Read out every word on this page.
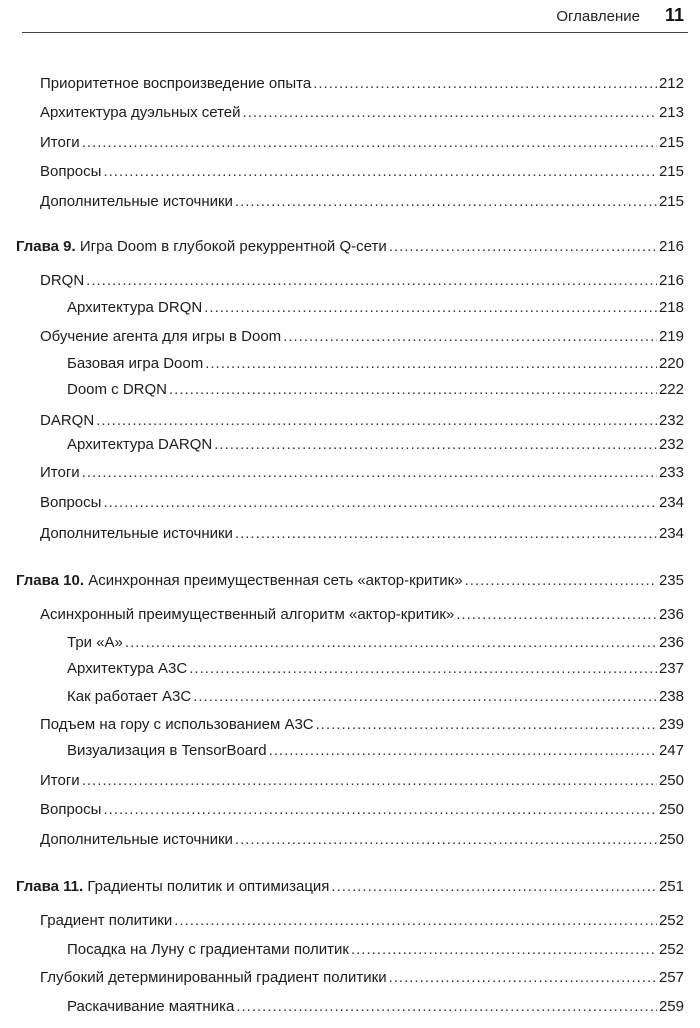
Оглавление 11
Приоритетное воспроизведение опыта .....	212
Архитектура дуэльных сетей .....	213
Итоги .....	215
Вопросы .....	215
Дополнительные источники .....	215
Глава 9. Игра Doom в глубокой рекуррентной Q-сети .....	216
DRQN .....	216
Архитектура DRQN .....	218
Обучение агента для игры в Doom .....	219
Базовая игра Doom .....	220
Doom с DRQN .....	222
DARQN .....	232
Архитектура DARQN .....	232
Итоги .....	233
Вопросы .....	234
Дополнительные источники .....	234
Глава 10. Асинхронная преимущественная сеть «актор-критик» .....	235
Асинхронный преимущественный алгоритм «актор-критик» .....	236
Три «А» .....	236
Архитектура A3C .....	237
Как работает A3C .....	238
Подъем на гору с использованием A3C .....	239
Визуализация в TensorBoard .....	247
Итоги .....	250
Вопросы .....	250
Дополнительные источники .....	250
Глава 11. Градиенты политик и оптимизация .....	251
Градиент политики .....	252
Посадка на Луну с градиентами политик .....	252
Глубокий детерминированный градиент политики .....	257
Раскачивание маятника .....	259
